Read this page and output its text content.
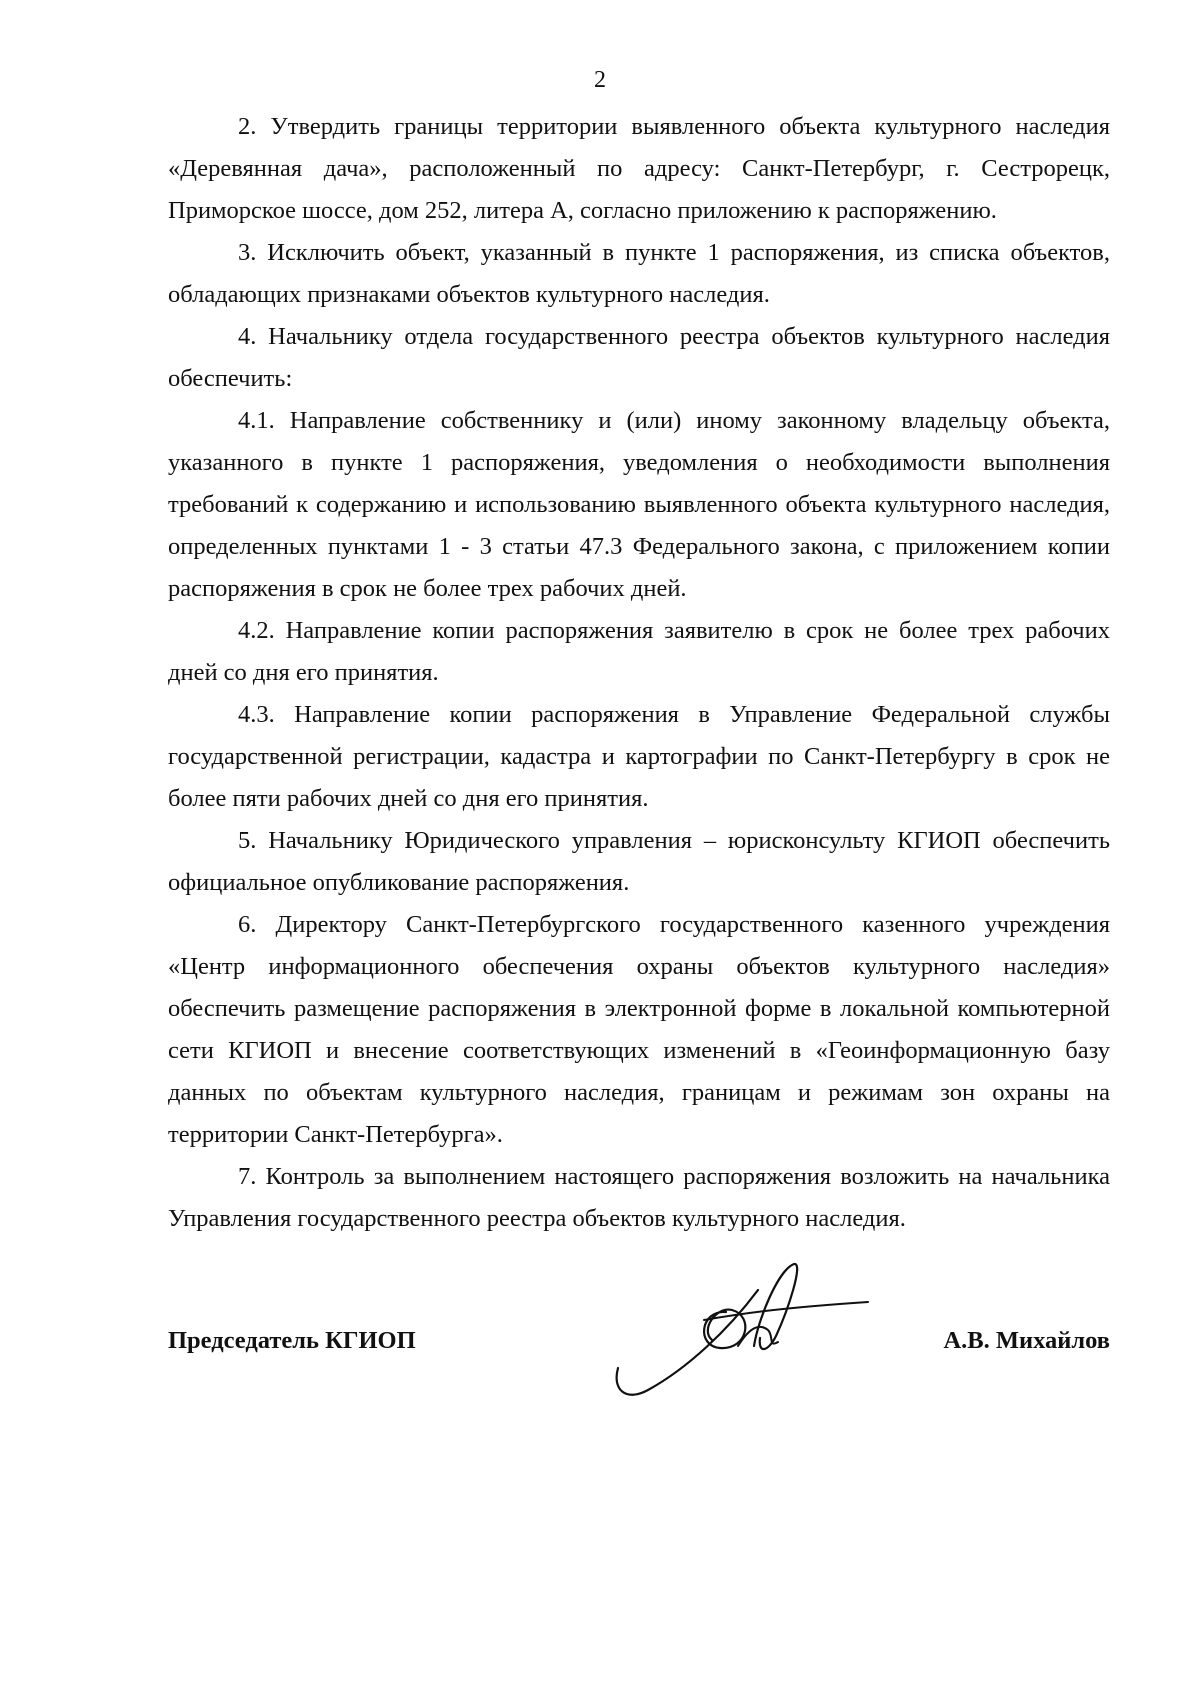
2

2. Утвердить границы территории выявленного объекта культурного наследия «Деревянная дача», расположенный по адресу: Санкт-Петербург, г. Сестрорецк, Приморское шоссе, дом 252, литера А, согласно приложению к распоряжению.

3. Исключить объект, указанный в пункте 1 распоряжения, из списка объектов, обладающих признаками объектов культурного наследия.

4. Начальнику отдела государственного реестра объектов культурного наследия обеспечить:

4.1. Направление собственнику и (или) иному законному владельцу объекта, указанного в пункте 1 распоряжения, уведомления о необходимости выполнения требований к содержанию и использованию выявленного объекта культурного наследия, определенных пунктами 1 - 3 статьи 47.3 Федерального закона, с приложением копии распоряжения в срок не более трех рабочих дней.

4.2. Направление копии распоряжения заявителю в срок не более трех рабочих дней со дня его принятия.

4.3. Направление копии распоряжения в Управление Федеральной службы государственной регистрации, кадастра и картографии по Санкт-Петербургу в срок не более пяти рабочих дней со дня его принятия.

5. Начальнику Юридического управления – юрисконсульту КГИОП обеспечить официальное опубликование распоряжения.

6. Директору Санкт-Петербургского государственного казенного учреждения «Центр информационного обеспечения охраны объектов культурного наследия» обеспечить размещение распоряжения в электронной форме в локальной компьютерной сети КГИОП и внесение соответствующих изменений в «Геоинформационную базу данных по объектам культурного наследия, границам и режимам зон охраны на территории Санкт-Петербурга».

7. Контроль за выполнением настоящего распоряжения возложить на начальника Управления государственного реестра объектов культурного наследия.

Председатель КГИОП	А.В. Михайлов
